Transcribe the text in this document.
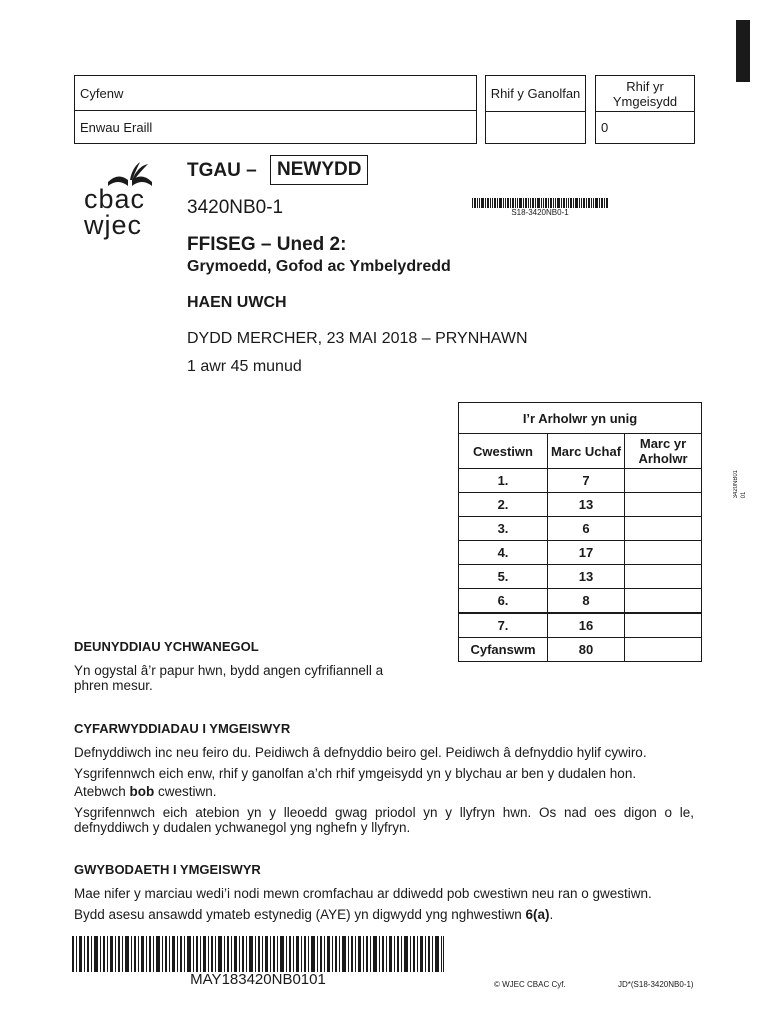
Cyfenw
Enwau Eraill
Rhif y Ganolfan	Rhif yr Ymgeisydd
0
cbac
wjec
TGAU –	NEWYDD
3420NB0-1	S18-3420NB0-1
FFISEG – Uned 2:
Grymoedd, Gofod ac Ymbelydredd
HAEN UWCH
DYDD MERCHER, 23 MAI 2018 – PRYNHAWN
1 awr 45 munud
I’r Arholwr yn unig		
Cwestiwn	Marc Uchaf	Marc yr Arholwr
1.	7	
2.	13	
3.	6	
4.	17	
5.	13	
6.	8	
7.	16	
Cyfanswm	80	
3420NB01 01
DEUNYDDIAU YCHWANEGOL
Yn ogystal â’r papur hwn, bydd angen cyfrifiannell a phren mesur.
CYFARWYDDIADAU I YMGEISWYR
Defnyddiwch inc neu feiro du. Peidiwch â defnyddio beiro gel. Peidiwch â defnyddio hylif cywiro.
Ysgrifennwch eich enw, rhif y ganolfan a’ch rhif ymgeisydd yn y blychau ar ben y dudalen hon.
Atebwch bob cwestiwn.
Ysgrifennwch eich atebion yn y lleoedd gwag priodol yn y llyfryn hwn. Os nad oes digon o le, defnyddiwch y dudalen ychwanegol yng nghefn y llyfryn.
GWYBODAETH I YMGEISWYR
Mae nifer y marciau wedi’i nodi mewn cromfachau ar ddiwedd pob cwestiwn neu ran o gwestiwn.
Bydd asesu ansawdd ymateb estynedig (AYE) yn digwydd yng nghwestiwn 6(a).
MAY183420NB0101	© WJEC CBAC Cyf.	JD*(S18-3420NB0-1)
